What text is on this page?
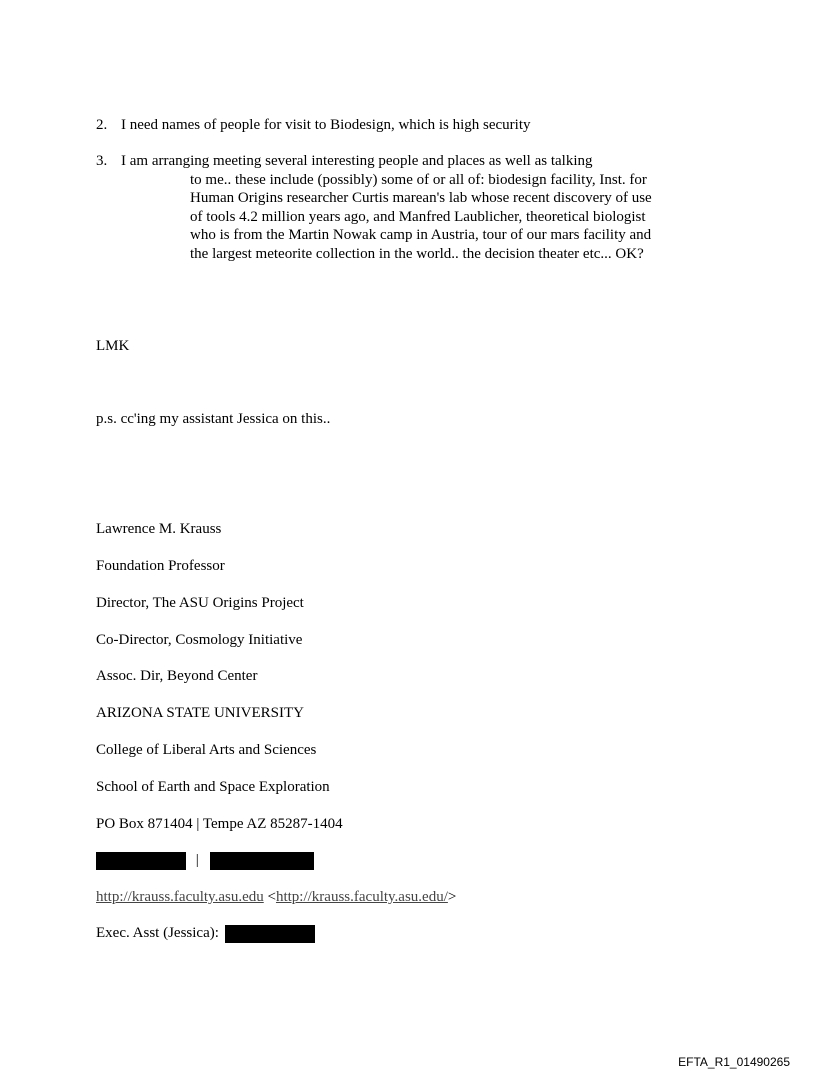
2. I need names of people for visit to Biodesign, which is high security
3. I am arranging meeting several interesting people and places as well as talking
to me.. these include (possibly) some of or all of: biodesign facility, Inst. for Human Origins researcher Curtis marean's lab whose recent discovery of use of tools 4.2 million years ago, and Manfred Laublicher, theoretical biologist who is from the Martin Nowak camp in Austria, tour of our mars facility and the largest meteorite collection in the world.. the decision theater etc... OK?
LMK
p.s. cc'ing my assistant Jessica on this..
Lawrence M. Krauss
Foundation Professor
Director, The ASU Origins Project
Co-Director, Cosmology Initiative
Assoc. Dir, Beyond Center
ARIZONA STATE UNIVERSITY
College of Liberal Arts and Sciences
School of Earth and Space Exploration
PO Box 871404 | Tempe AZ 85287-1404
|
http://krauss.faculty.asu.edu <http://krauss.faculty.asu.edu/>
Exec. Asst (Jessica):
EFTA_R1_01490265
